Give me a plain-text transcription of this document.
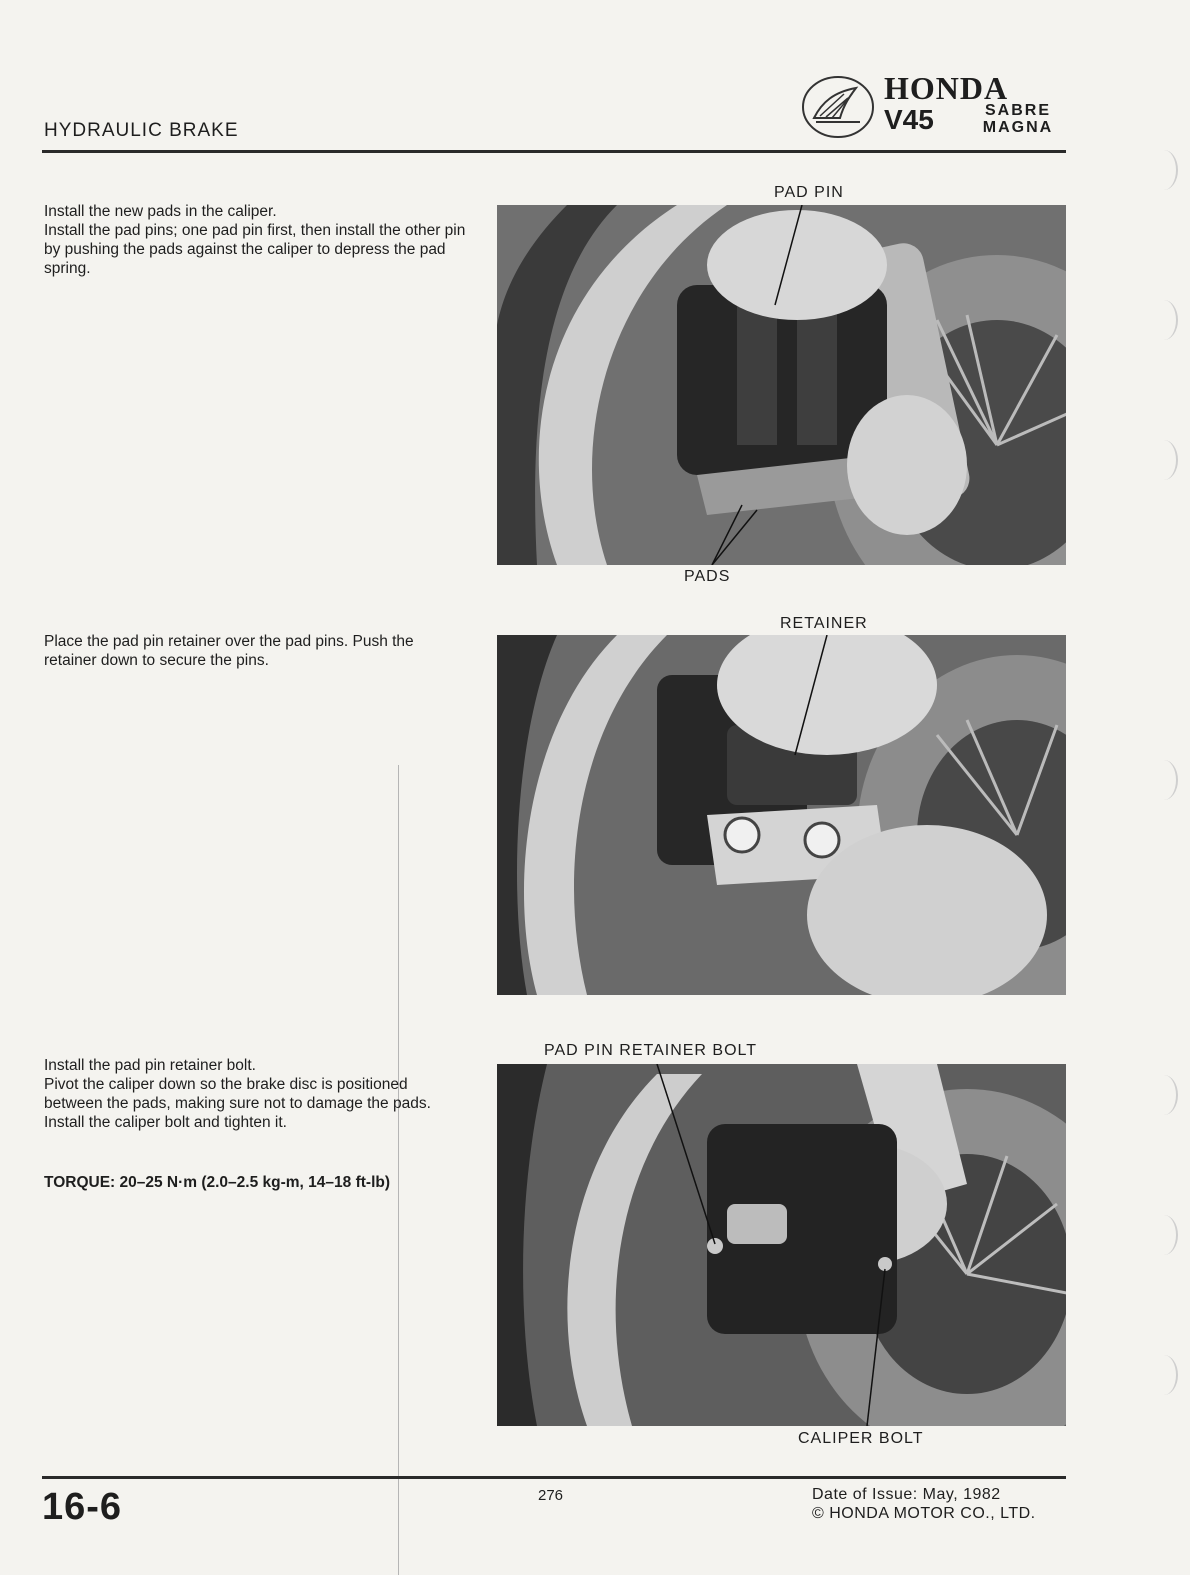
HYDRAULIC BRAKE
HONDA
V45	SABRE
MAGNA
Install the new pads in the caliper.
Install the pad pins; one pad pin first, then install the other pin by pushing the pads against the caliper to depress the pad spring.
PAD PIN
PADS
Place the pad pin retainer over the pad pins. Push the retainer down to secure the pins.
RETAINER
Install the pad pin retainer bolt.
Pivot the caliper down so the brake disc is positioned between the pads, making sure not to damage the pads.
Install the caliper bolt and tighten it.
TORQUE: 20–25 N·m (2.0–2.5 kg-m, 14–18 ft-lb)
PAD PIN RETAINER BOLT
CALIPER BOLT
16-6	276	Date of Issue: May, 1982
© HONDA MOTOR CO., LTD.
